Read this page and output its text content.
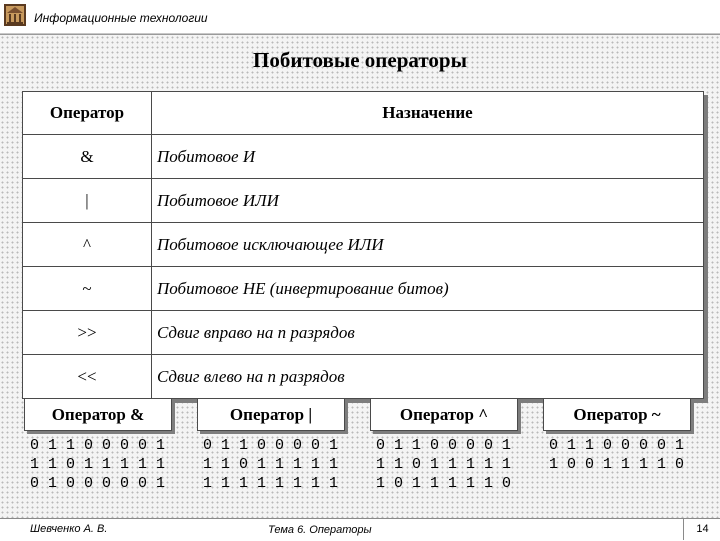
Информационные технологии
Побитовые операторы
Оператор	Назначение
&	Побитовое И
|	Побитовое ИЛИ
^	Побитовое исключающее ИЛИ
~	Побитовое НЕ (инвертирование битов)
>>	Сдвиг вправо на n разрядов
<<	Сдвиг влево на n разрядов
Оператор &
0 1 1 0 0 0 0 1
1 1 0 1 1 1 1 1
0 1 0 0 0 0 0 1
Оператор |
0 1 1 0 0 0 0 1
1 1 0 1 1 1 1 1
1 1 1 1 1 1 1 1
Оператор ^
0 1 1 0 0 0 0 1
1 1 0 1 1 1 1 1
1 0 1 1 1 1 1 0
Оператор ~
0 1 1 0 0 0 0 1
1 0 0 1 1 1 1 0
Шевченко А. В.	Тема 6. Операторы	14
